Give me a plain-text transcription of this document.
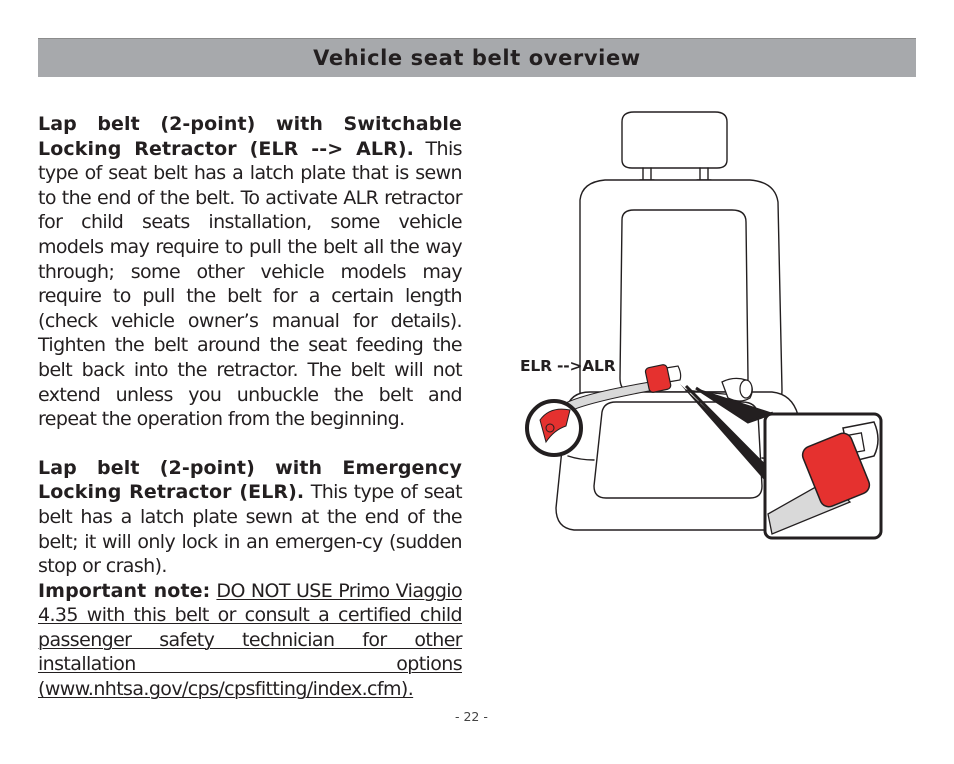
Vehicle seat belt overview

Lap belt (2-point) with Switchable Locking Retractor (ELR --> ALR). This type of seat belt has a latch plate that is sewn to the end of the belt. To activate ALR retractor for child seats installation, some vehicle models may require to pull the belt all the way through; some other vehicle models may require to pull the belt for a certain length (check vehicle owner’s manual for details). Tighten the belt around the seat feeding the belt back into the retractor. The belt will not extend unless you unbuckle the belt and repeat the operation from the beginning.

Lap belt (2-point) with Emergency Locking Retractor (ELR). This type of seat belt has a latch plate sewn at the end of the belt; it will only lock in an emergen-cy (sudden stop or crash).

Important note: DO NOT USE Primo Viaggio 4.35 with this belt or consult a certified child passenger safety technician for other installation options (www.nhtsa.gov/cps/cpsfitting/index.cfm).

ELR -->ALR
- 22 -
